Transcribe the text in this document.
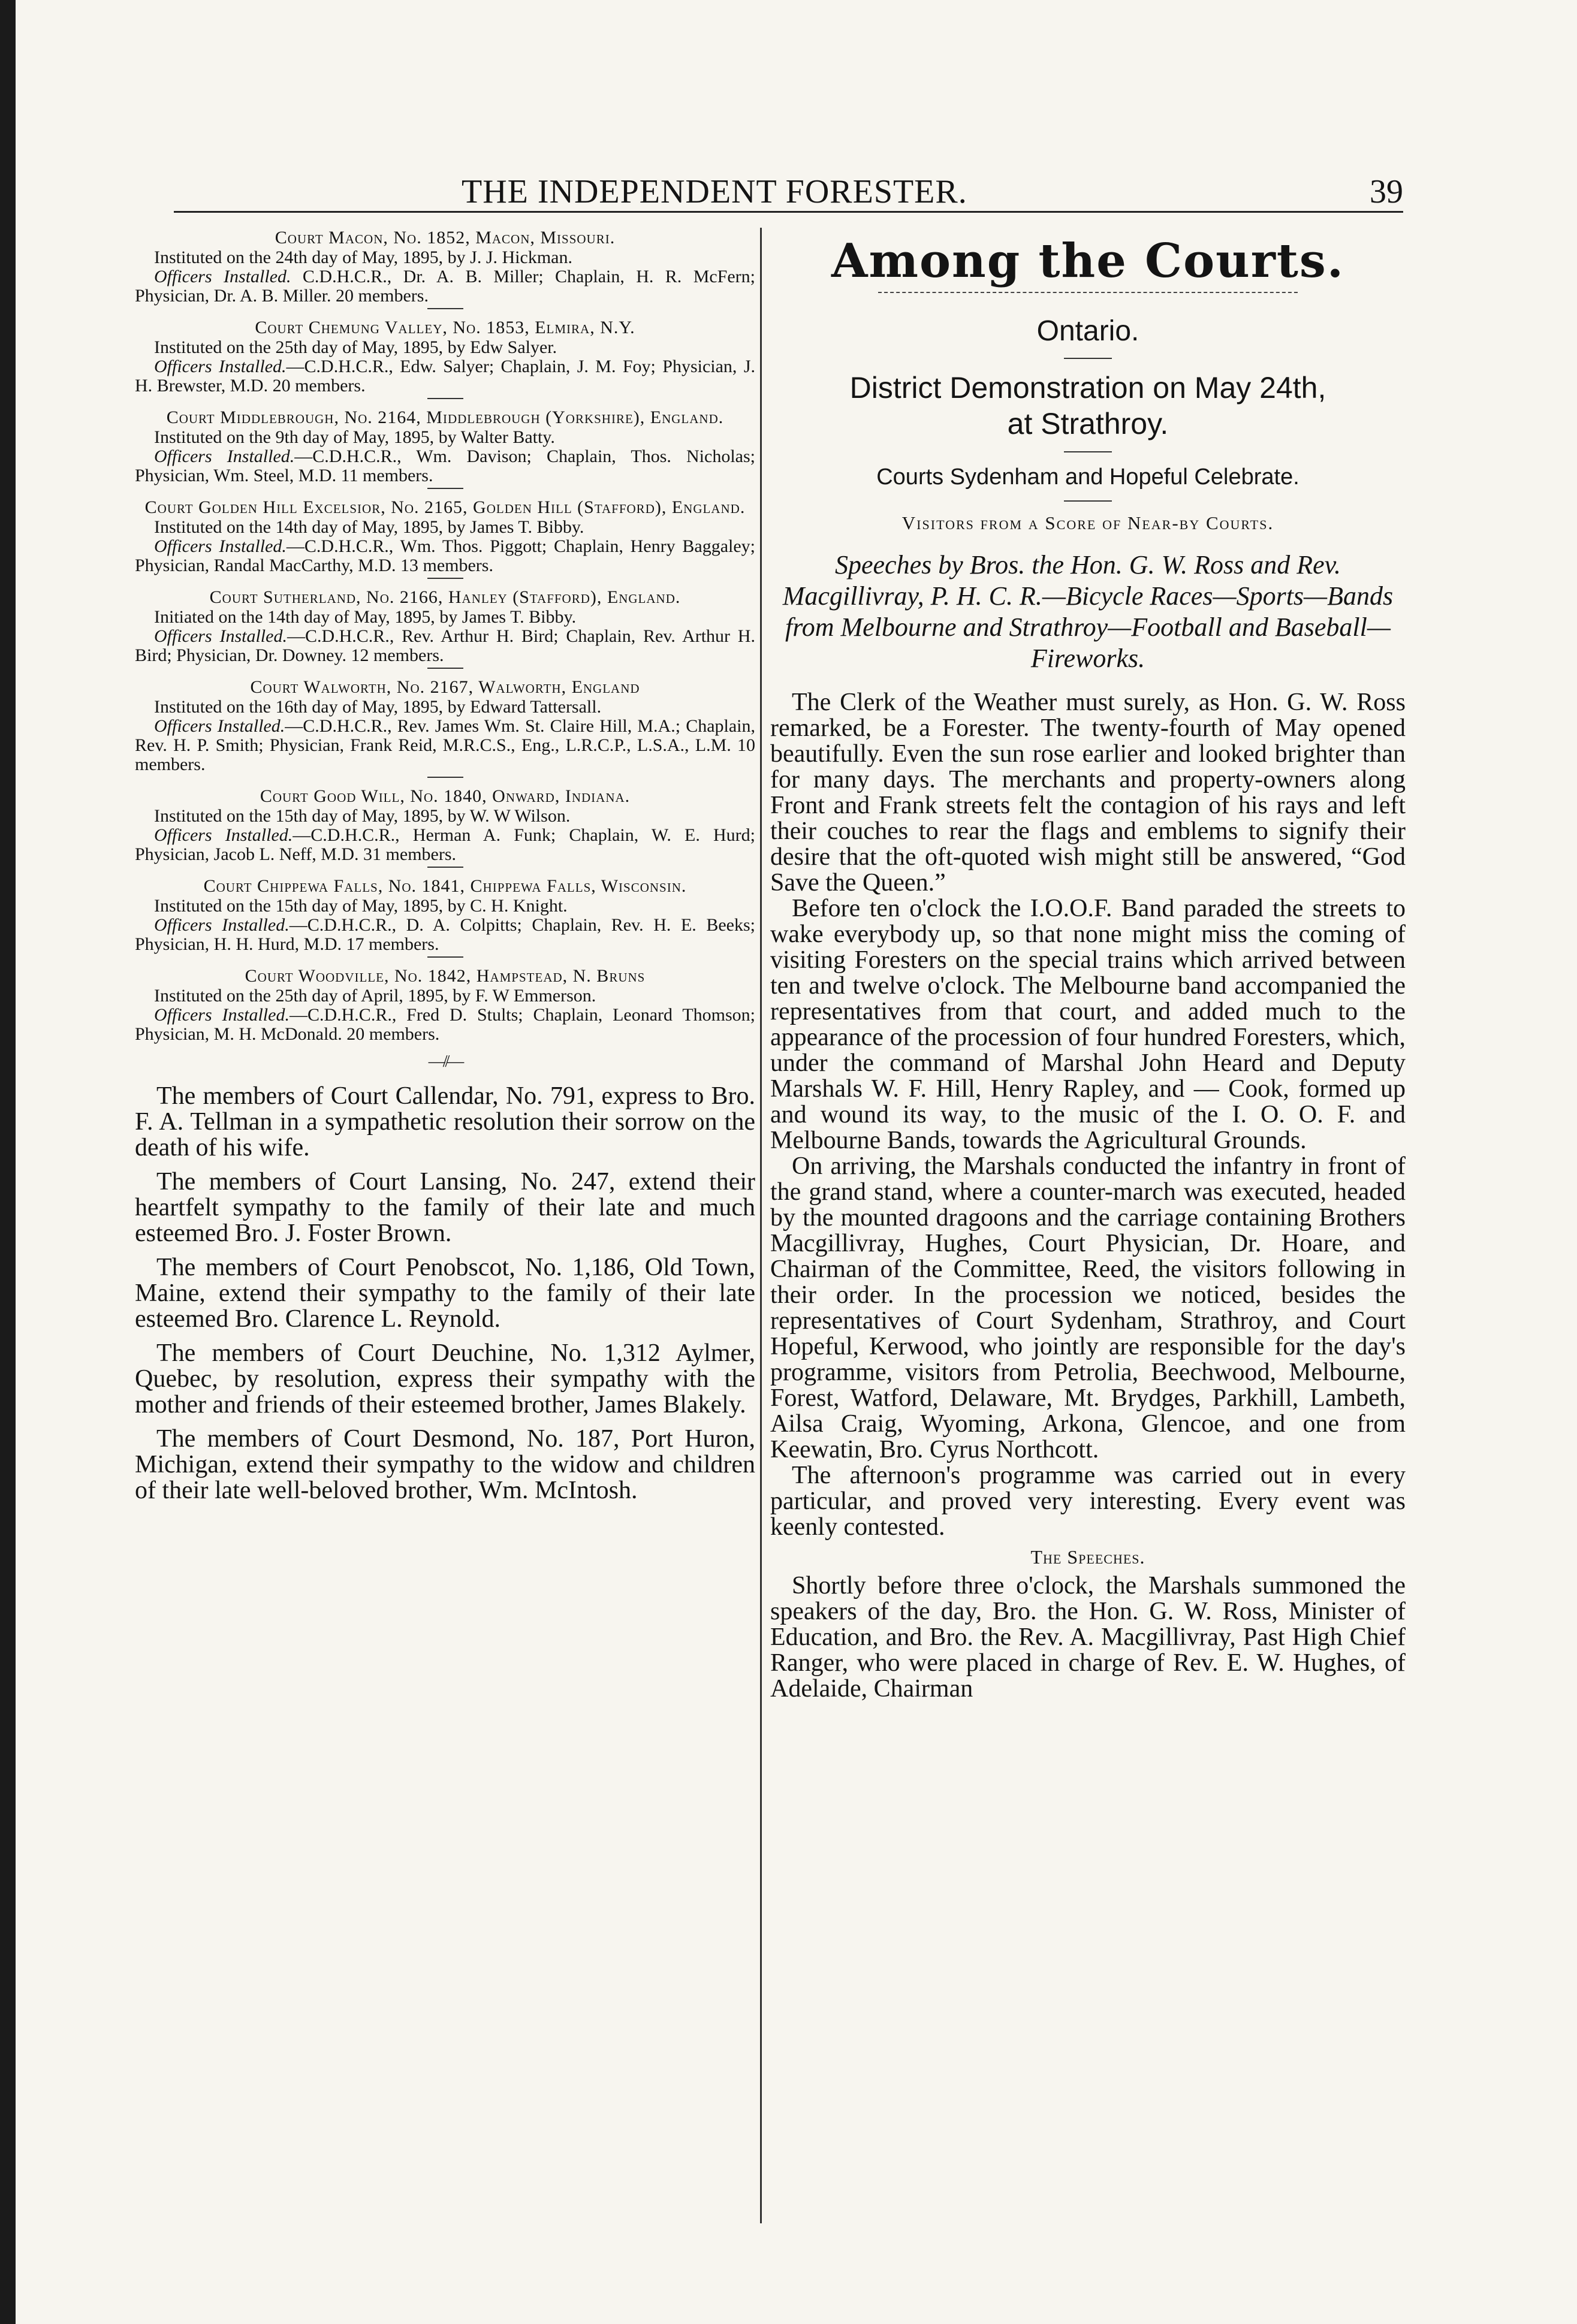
THE INDEPENDENT FORESTER.	39
Court Macon, No. 1852, Macon, Missouri.

Instituted on the 24th day of May, 1895, by J. J. Hickman.

Officers Installed. C.D.H.C.R., Dr. A. B. Miller; Chaplain, H. R. McFern; Physician, Dr. A. B. Miller. 20 members.

Court Chemung Valley, No. 1853, Elmira, N.Y.

Instituted on the 25th day of May, 1895, by Edw Salyer.

Officers Installed.—C.D.H.C.R., Edw. Salyer; Chaplain, J. M. Foy; Physician, J. H. Brewster, M.D. 20 members.

Court Middlebrough, No. 2164, Middlebrough (Yorkshire), England.

Instituted on the 9th day of May, 1895, by Walter Batty.

Officers Installed.—C.D.H.C.R., Wm. Davison; Chaplain, Thos. Nicholas; Physician, Wm. Steel, M.D. 11 members.

Court Golden Hill Excelsior, No. 2165, Golden Hill (Stafford), England.

Instituted on the 14th day of May, 1895, by James T. Bibby.

Officers Installed.—C.D.H.C.R., Wm. Thos. Piggott; Chaplain, Henry Baggaley; Physician, Randal MacCarthy, M.D. 13 members.

Court Sutherland, No. 2166, Hanley (Stafford), England.

Initiated on the 14th day of May, 1895, by James T. Bibby.

Officers Installed.—C.D.H.C.R., Rev. Arthur H. Bird; Chaplain, Rev. Arthur H. Bird; Physician, Dr. Downey. 12 members.

Court Walworth, No. 2167, Walworth, England

Instituted on the 16th day of May, 1895, by Edward Tattersall.

Officers Installed.—C.D.H.C.R., Rev. James Wm. St. Claire Hill, M.A.; Chaplain, Rev. H. P. Smith; Physician, Frank Reid, M.R.C.S., Eng., L.R.C.P., L.S.A., L.M. 10 members.

Court Good Will, No. 1840, Onward, Indiana.

Instituted on the 15th day of May, 1895, by W. W Wilson.

Officers Installed.—C.D.H.C.R., Herman A. Funk; Chaplain, W. E. Hurd; Physician, Jacob L. Neff, M.D. 31 members.

Court Chippewa Falls, No. 1841, Chippewa Falls, Wisconsin.

Instituted on the 15th day of May, 1895, by C. H. Knight.

Officers Installed.—C.D.H.C.R., D. A. Colpitts; Chaplain, Rev. H. E. Beeks; Physician, H. H. Hurd, M.D. 17 members.

Court Woodville, No. 1842, Hampstead, N. Bruns

Instituted on the 25th day of April, 1895, by F. W Emmerson.

Officers Installed.—C.D.H.C.R., Fred D. Stults; Chaplain, Leonard Thomson; Physician, M. H. McDonald. 20 members.

—//—

The members of Court Callendar, No. 791, express to Bro. F. A. Tellman in a sympathetic resolution their sorrow on the death of his wife.

The members of Court Lansing, No. 247, extend their heartfelt sympathy to the family of their late and much esteemed Bro. J. Foster Brown.

The members of Court Penobscot, No. 1,186, Old Town, Maine, extend their sympathy to the family of their late esteemed Bro. Clarence L. Reynold.

The members of Court Deuchine, No. 1,312 Aylmer, Quebec, by resolution, express their sympathy with the mother and friends of their esteemed brother, James Blakely.

The members of Court Desmond, No. 187, Port Huron, Michigan, extend their sympathy to the widow and children of their late well-beloved brother, Wm. McIntosh.

Among the Courts.

Ontario.

District Demonstration on May 24th,

at Strathroy.

Courts Sydenham and Hopeful Celebrate.

Visitors from a Score of Near-by Courts.

Speeches by Bros. the Hon. G. W. Ross and Rev. Macgillivray, P. H. C. R.—Bicycle Races—Sports—Bands from Melbourne and Strathroy—Football and Baseball—Fireworks.

The Clerk of the Weather must surely, as Hon. G. W. Ross remarked, be a Forester. The twenty-fourth of May opened beautifully. Even the sun rose earlier and looked brighter than for many days. The merchants and property-owners along Front and Frank streets felt the contagion of his rays and left their couches to rear the flags and emblems to signify their desire that the oft-quoted wish might still be answered, “God Save the Queen.”

Before ten o'clock the I.O.O.F. Band paraded the streets to wake everybody up, so that none might miss the coming of visiting Foresters on the special trains which arrived between ten and twelve o'clock. The Melbourne band accompanied the representatives from that court, and added much to the appearance of the procession of four hundred Foresters, which, under the command of Marshal John Heard and Deputy Marshals W. F. Hill, Henry Rapley, and — Cook, formed up and wound its way, to the music of the I. O. O. F. and Melbourne Bands, towards the Agricultural Grounds.

On arriving, the Marshals conducted the infantry in front of the grand stand, where a counter-march was executed, headed by the mounted dragoons and the carriage containing Brothers Macgillivray, Hughes, Court Physician, Dr. Hoare, and Chairman of the Committee, Reed, the visitors following in their order. In the procession we noticed, besides the representatives of Court Sydenham, Strathroy, and Court Hopeful, Kerwood, who jointly are responsible for the day's programme, visitors from Petrolia, Beechwood, Melbourne, Forest, Watford, Delaware, Mt. Brydges, Parkhill, Lambeth, Ailsa Craig, Wyoming, Arkona, Glencoe, and one from Keewatin, Bro. Cyrus Northcott.

The afternoon's programme was carried out in every particular, and proved very interesting. Every event was keenly contested.

The Speeches.

Shortly before three o'clock, the Marshals summoned the speakers of the day, Bro. the Hon. G. W. Ross, Minister of Education, and Bro. the Rev. A. Macgillivray, Past High Chief Ranger, who were placed in charge of Rev. E. W. Hughes, of Adelaide, Chairman
